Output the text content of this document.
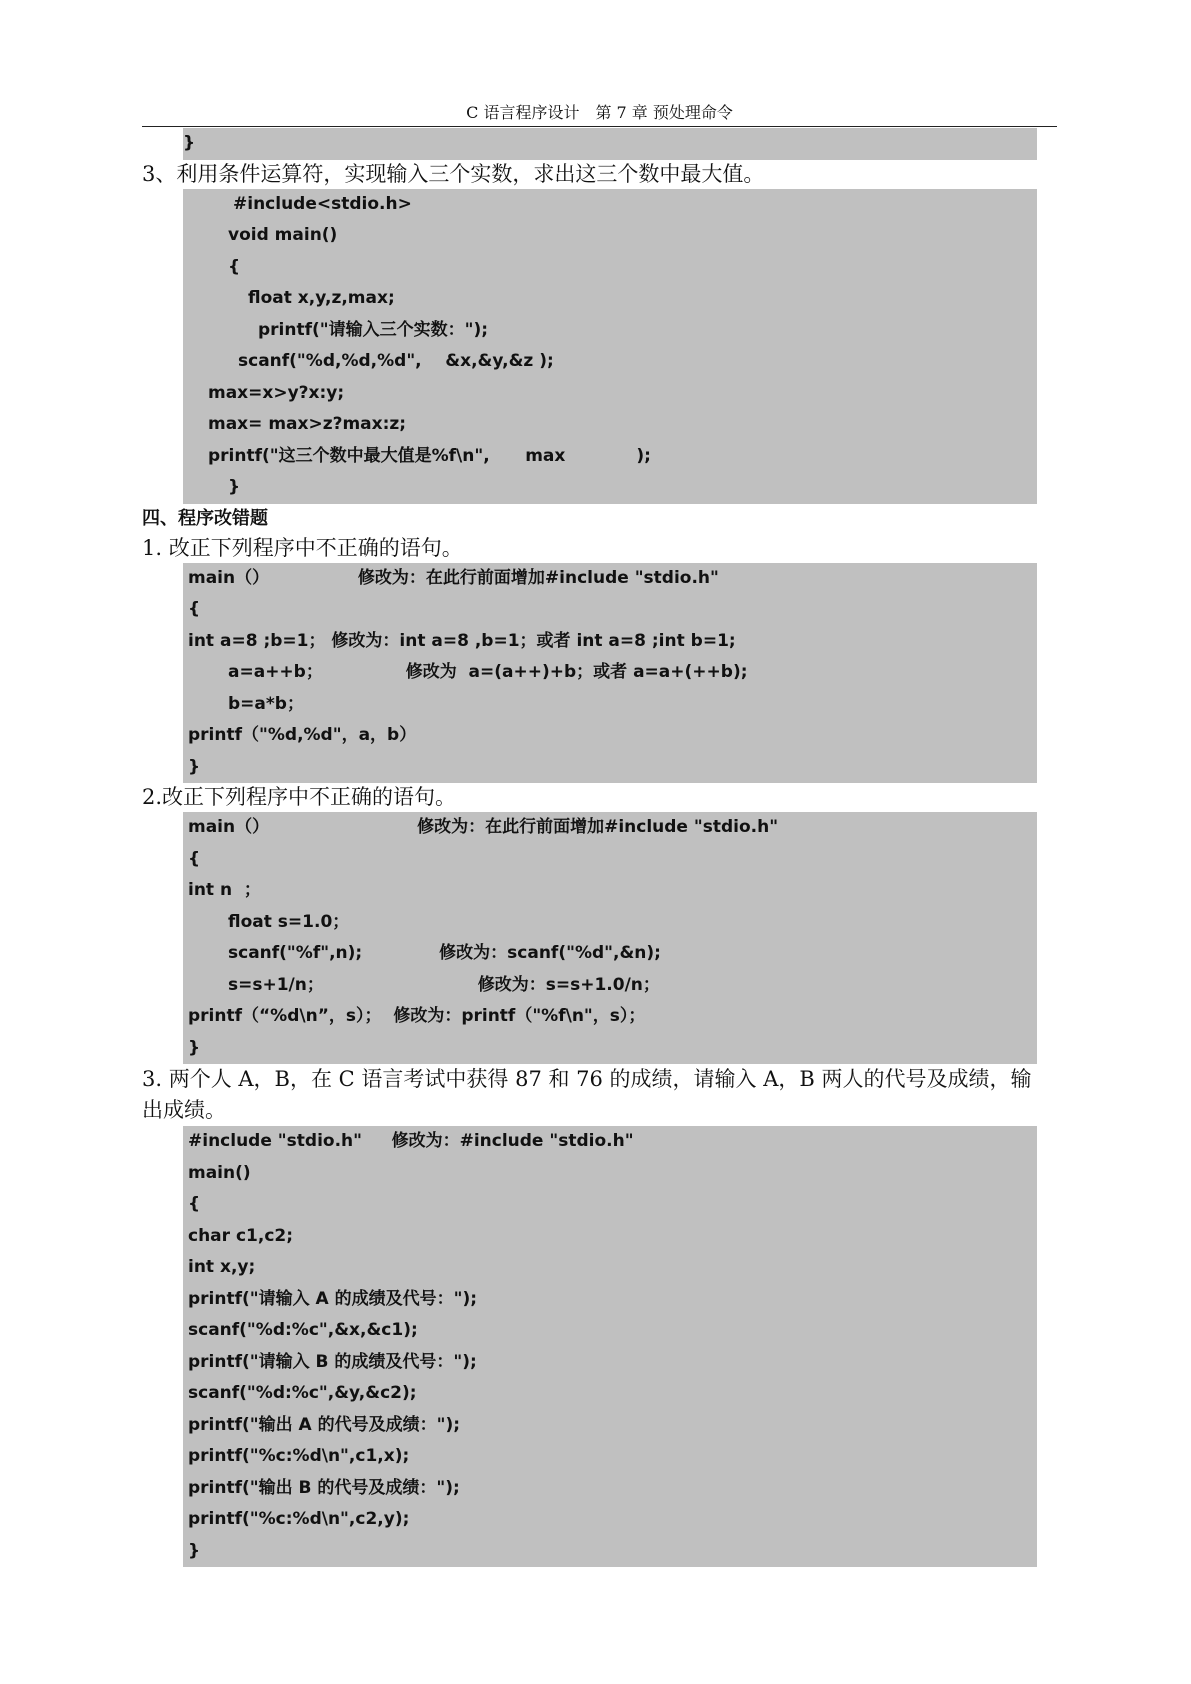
C 语言程序设计　第 7 章 预处理命令
}
3、利用条件运算符，实现输入三个实数，求出这三个数中最大值。
#include<stdio.h>
void main()
{
float x,y,z,max;
printf("请输入三个实数：");
scanf("%d,%d,%d",    &x,&y,&z );
max=x>y?x:y;
max= max>z?max:z;
printf("这三个数中最大值是%f\n",      max            );
}
四、程序改错题
1. 改正下列程序中不正确的语句。
main（）               修改为：在此行前面增加#include "stdio.h"
{
int a=8 ;b=1； 修改为：int a=8 ,b=1；或者 int a=8 ;int b=1;
a=a++b；              修改为  a=(a++)+b；或者 a=a+(++b);
b=a*b；
printf（"%d,%d"，a，b）
}
2.改正下列程序中不正确的语句。
main（）                         修改为：在此行前面增加#include "stdio.h"
{
int n  ；
float s=1.0；
scanf("%f",n);             修改为：scanf("%d",&n);
s=s+1/n；                          修改为：s=s+1.0/n；
printf（“%d\n”，s）；  修改为：printf（"%f\n"，s）；
}
3. 两个人 A，B，在 C 语言考试中获得 87 和 76 的成绩，请输入 A，B 两人的代号及成绩，输出成绩。
#include "stdio.h"     修改为：#include "stdio.h"
main()
{
char c1,c2;
int x,y;
printf("请输入 A 的成绩及代号：");
scanf("%d:%c",&x,&c1);
printf("请输入 B 的成绩及代号：");
scanf("%d:%c",&y,&c2);
printf("输出 A 的代号及成绩：");
printf("%c:%d\n",c1,x);
printf("输出 B 的代号及成绩：");
printf("%c:%d\n",c2,y);
}
